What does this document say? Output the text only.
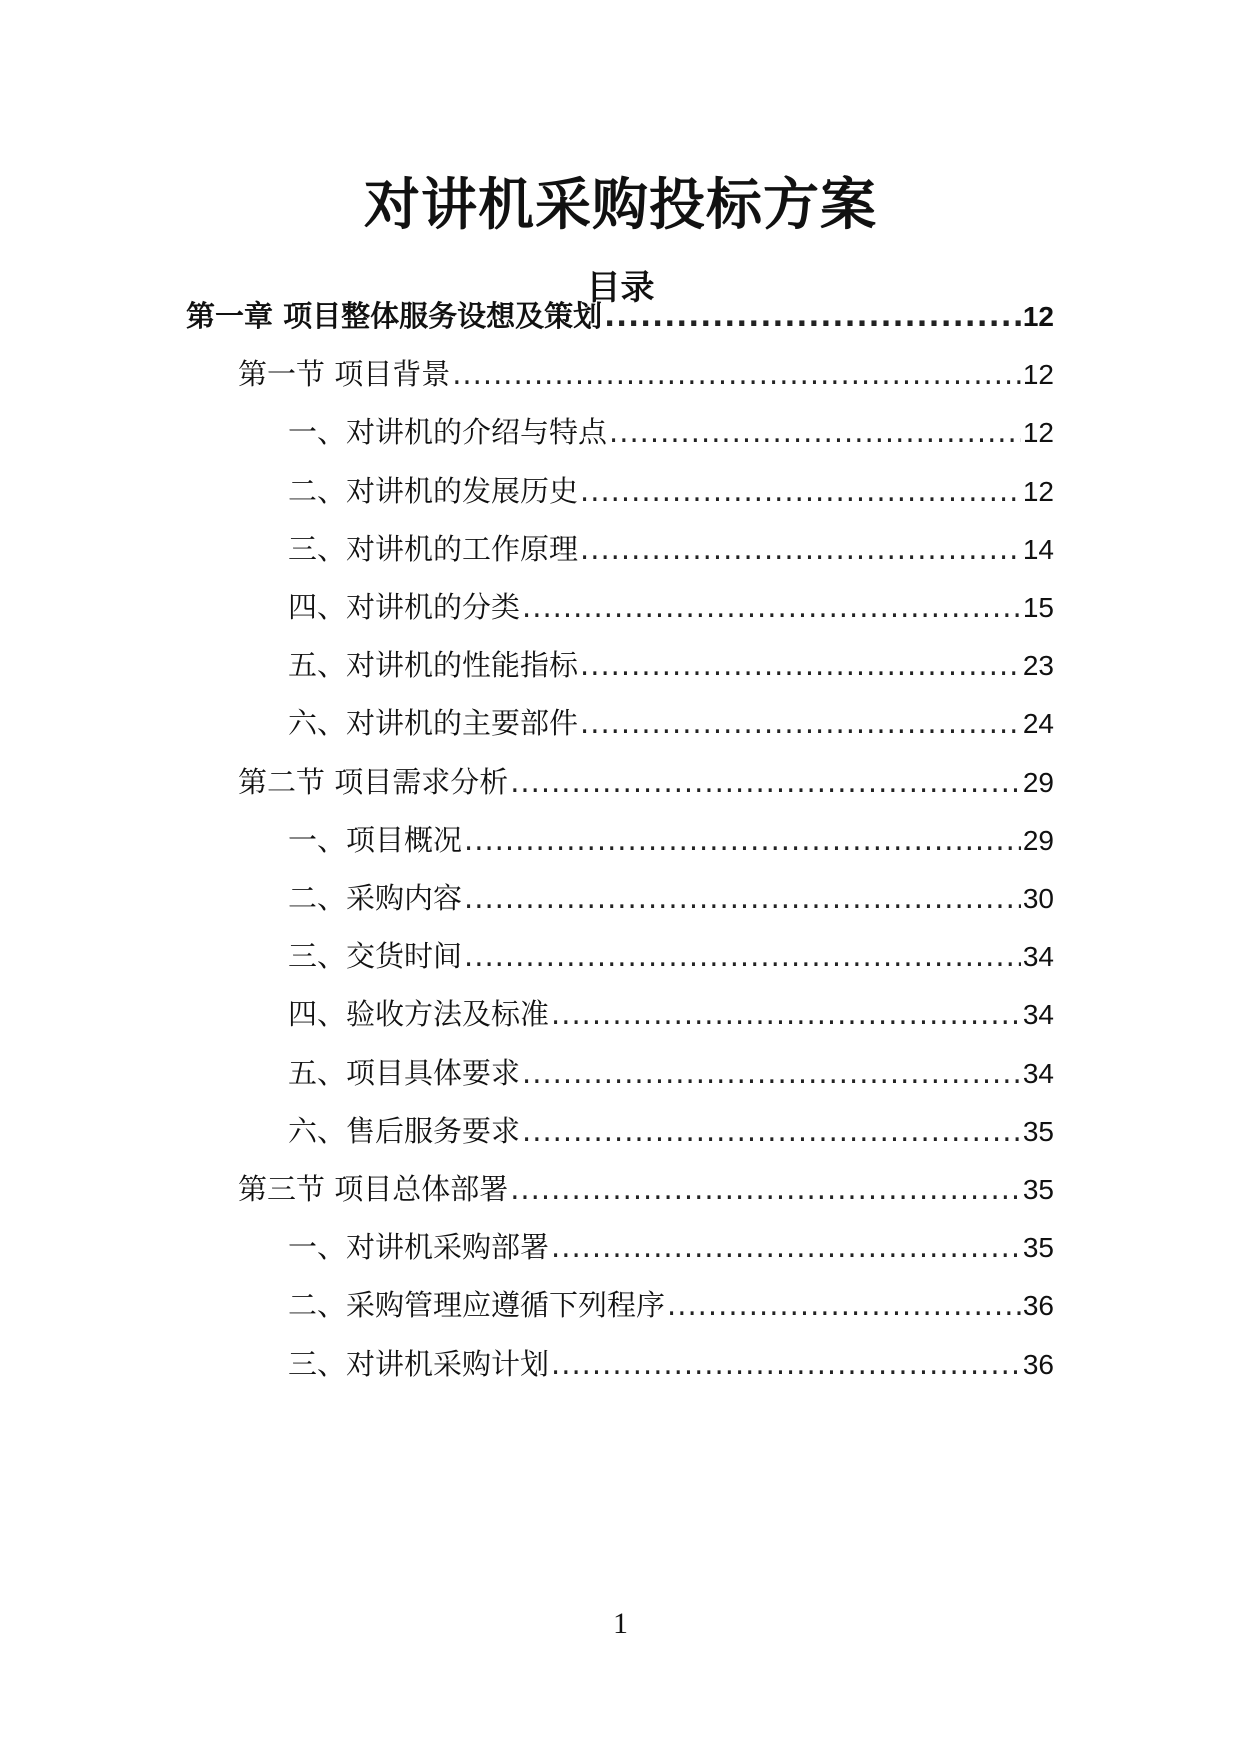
对讲机采购投标方案
目录
第一章 项目整体服务设想及策划 .....	12
第一节 项目背景 .....	12
一、对讲机的介绍与特点 .....	12
二、对讲机的发展历史 .....	12
三、对讲机的工作原理 .....	14
四、对讲机的分类 .....	15
五、对讲机的性能指标 .....	23
六、对讲机的主要部件 .....	24
第二节 项目需求分析 .....	29
一、项目概况 .....	29
二、采购内容 .....	30
三、交货时间 .....	34
四、验收方法及标准 .....	34
五、项目具体要求 .....	34
六、售后服务要求 .....	35
第三节 项目总体部署 .....	35
一、对讲机采购部署 .....	35
二、采购管理应遵循下列程序 .....	36
三、对讲机采购计划 .....	36
1
